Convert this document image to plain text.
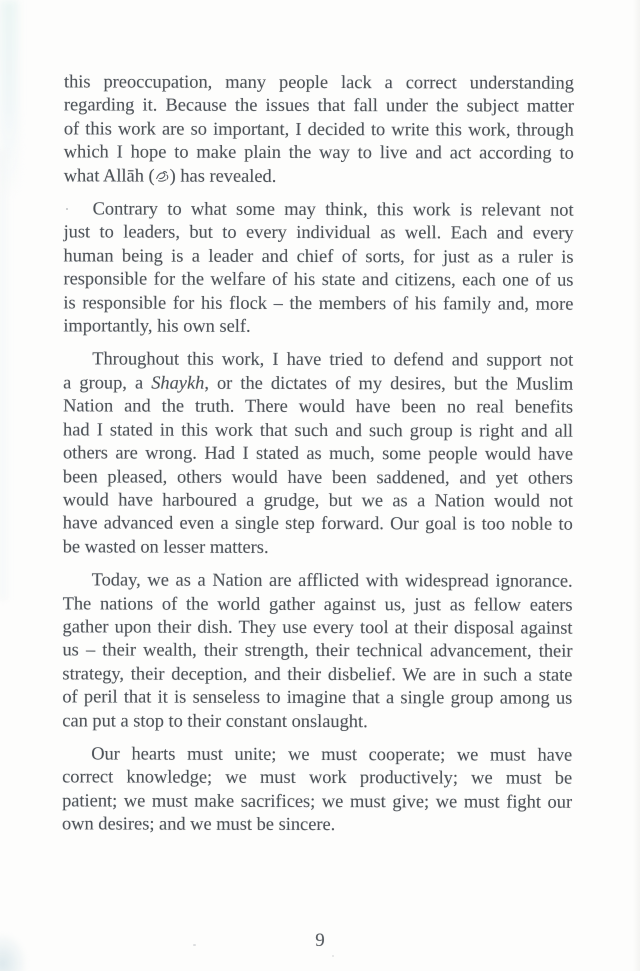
this preoccupation, many people lack a correct understanding
regarding it. Because the issues that fall under the subject matter
of this work are so important, I decided to write this work, through
which I hope to make plain the way to live and act according to
what Allāh ( ) has revealed.
Contrary to what some may think, this work is relevant not
just to leaders, but to every individual as well. Each and every
human being is a leader and chief of sorts, for just as a ruler is
responsible for the welfare of his state and citizens, each one of us
is responsible for his flock – the members of his family and, more
importantly, his own self.
Throughout this work, I have tried to defend and support not
a group, a Shaykh, or the dictates of my desires, but the Muslim
Nation and the truth. There would have been no real benefits
had I stated in this work that such and such group is right and all
others are wrong. Had I stated as much, some people would have
been pleased, others would have been saddened, and yet others
would have harboured a grudge, but we as a Nation would not
have advanced even a single step forward. Our goal is too noble to
be wasted on lesser matters.
Today, we as a Nation are afflicted with widespread ignorance.
The nations of the world gather against us, just as fellow eaters
gather upon their dish. They use every tool at their disposal against
us – their wealth, their strength, their technical advancement, their
strategy, their deception, and their disbelief. We are in such a state
of peril that it is senseless to imagine that a single group among us
can put a stop to their constant onslaught.
Our hearts must unite; we must cooperate; we must have
correct knowledge; we must work productively; we must be
patient; we must make sacrifices; we must give; we must fight our
own desires; and we must be sincere.
9
